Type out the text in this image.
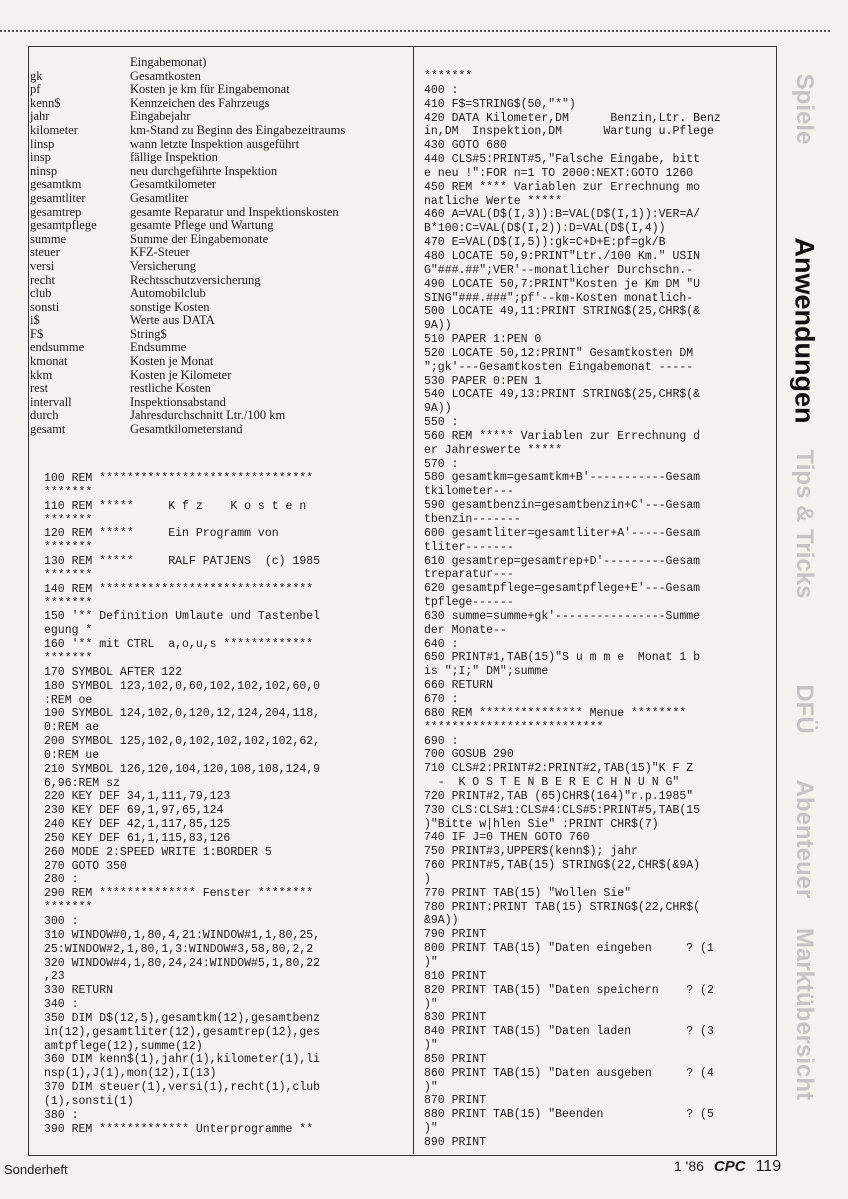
Eingabemonat)
gk	Gesamtkosten
pf	Kosten je km für Eingabemonat
kenn$	Kennzeichen des Fahrzeugs
jahr	Eingabejahr
kilometer	km-Stand zu Beginn des Eingabezeitraums
linsp	wann letzte Inspektion ausgeführt
insp	fällige Inspektion
ninsp	neu durchgeführte Inspektion
gesamtkm	Gesamtkilometer
gesamtliter	Gesamtliter
gesamtrep	gesamte Reparatur und Inspektionskosten
gesamtpflege	gesamte Pflege und Wartung
summe	Summe der Eingabemonate
steuer	KFZ-Steuer
versi	Versicherung
recht	Rechtsschutzversicherung
club	Automobilclub
sonsti	sonstige Kosten
i$	Werte aus DATA
F$	String$
endsumme	Endsumme
kmonat	Kosten je Monat
kkm	Kosten je Kilometer
rest	restliche Kosten
intervall	Inspektionsabstand
durch	Jahresdurchschnitt Ltr./100 km
gesamt	Gesamtkilometerstand
100 REM *******************************
*******
110 REM *****     K f z    K o s t e n
*******
120 REM *****     Ein Programm von
*******
130 REM *****     RALF PATJENS  (c) 1985
*******
140 REM *******************************
*******
150 '** Definition Umlaute und Tastenbel
egung *
160 '** mit CTRL  a,o,u,s *************
*******
170 SYMBOL AFTER 122
180 SYMBOL 123,102,0,60,102,102,102,60,0
:REM oe
190 SYMBOL 124,102,0,120,12,124,204,118,
0:REM ae
200 SYMBOL 125,102,0,102,102,102,102,62,
0:REM ue
210 SYMBOL 126,120,104,120,108,108,124,9
6,96:REM sz
220 KEY DEF 34,1,111,79,123
230 KEY DEF 69,1,97,65,124
240 KEY DEF 42,1,117,85,125
250 KEY DEF 61,1,115,83,126
260 MODE 2:SPEED WRITE 1:BORDER 5
270 GOTO 350
280 :
290 REM ************** Fenster ********
*******
300 :
310 WINDOW#0,1,80,4,21:WINDOW#1,1,80,25,
25:WINDOW#2,1,80,1,3:WINDOW#3,58,80,2,2
320 WINDOW#4,1,80,24,24:WINDOW#5,1,80,22
,23
330 RETURN
340 :
350 DIM D$(12,5),gesamtkm(12),gesamtbenz
in(12),gesamtliter(12),gesamtrep(12),ges
amtpflege(12),summe(12)
360 DIM kenn$(1),jahr(1),kilometer(1),li
nsp(1),J(1),mon(12),I(13)
370 DIM steuer(1),versi(1),recht(1),club
(1),sonsti(1)
380 :
390 REM ************* Unterprogramme **
*******
400 :
410 F$=STRING$(50,"*")
420 DATA Kilometer,DM      Benzin,Ltr. Benz
in,DM  Inspektion,DM      Wartung u.Pflege
430 GOTO 680
440 CLS#5:PRINT#5,"Falsche Eingabe, bitt
e neu !":FOR n=1 TO 2000:NEXT:GOTO 1260
450 REM **** Variablen zur Errechnung mo
natliche Werte *****
460 A=VAL(D$(I,3)):B=VAL(D$(I,1)):VER=A/
B*100:C=VAL(D$(I,2)):D=VAL(D$(I,4))
470 E=VAL(D$(I,5)):gk=C+D+E:pf=gk/B
480 LOCATE 50,9:PRINT"Ltr./100 Km." USIN
G"###.##";VER'--monatlicher Durchschn.-
490 LOCATE 50,7:PRINT"Kosten je Km DM "U
SING"###.###";pf'--km-Kosten monatlich-
500 LOCATE 49,11:PRINT STRING$(25,CHR$(&
9A))
510 PAPER 1:PEN 0
520 LOCATE 50,12:PRINT" Gesamtkosten DM
";gk'---Gesamtkosten Eingabemonat -----
530 PAPER 0:PEN 1
540 LOCATE 49,13:PRINT STRING$(25,CHR$(&
9A))
550 :
560 REM ***** Variablen zur Errechnung d
er Jahreswerte *****
570 :
580 gesamtkm=gesamtkm+B'-----------Gesam
tkilometer---
590 gesamtbenzin=gesamtbenzin+C'---Gesam
tbenzin-------
600 gesamtliter=gesamtliter+A'-----Gesam
tliter-------
610 gesamtrep=gesamtrep+D'---------Gesam
treparatur---
620 gesamtpflege=gesamtpflege+E'---Gesam
tpflege------
630 summe=summe+gk'----------------Summe
der Monate--
640 :
650 PRINT#1,TAB(15)"S u m m e  Monat 1 b
is ";I;" DM";summe
660 RETURN
670 :
680 REM *************** Menue ********
**************************
690 :
700 GOSUB 290
710 CLS#2:PRINT#2:PRINT#2,TAB(15)"K F Z
-  K O S T E N B E R E C H N U N G"
720 PRINT#2,TAB (65)CHR$(164)"r.p.1985"
730 CLS:CLS#1:CLS#4:CLS#5:PRINT#5,TAB(15
)"Bitte w|hlen Sie" :PRINT CHR$(7)
740 IF J=0 THEN GOTO 760
750 PRINT#3,UPPER$(kenn$); jahr
760 PRINT#5,TAB(15) STRING$(22,CHR$(&9A)
)
770 PRINT TAB(15) "Wollen Sie"
780 PRINT:PRINT TAB(15) STRING$(22,CHR$(
&9A))
790 PRINT
800 PRINT TAB(15) "Daten eingeben     ? (1
)"
810 PRINT
820 PRINT TAB(15) "Daten speichern    ? (2
)"
830 PRINT
840 PRINT TAB(15) "Daten laden        ? (3
)"
850 PRINT
860 PRINT TAB(15) "Daten ausgeben     ? (4
)"
870 PRINT
880 PRINT TAB(15) "Beenden            ? (5
)"
890 PRINT
Spiele
Anwendungen
Tips & Tricks
DFÜ
Abenteuer
Marktübersicht
Sonderheft	1 '86 CPC 119
